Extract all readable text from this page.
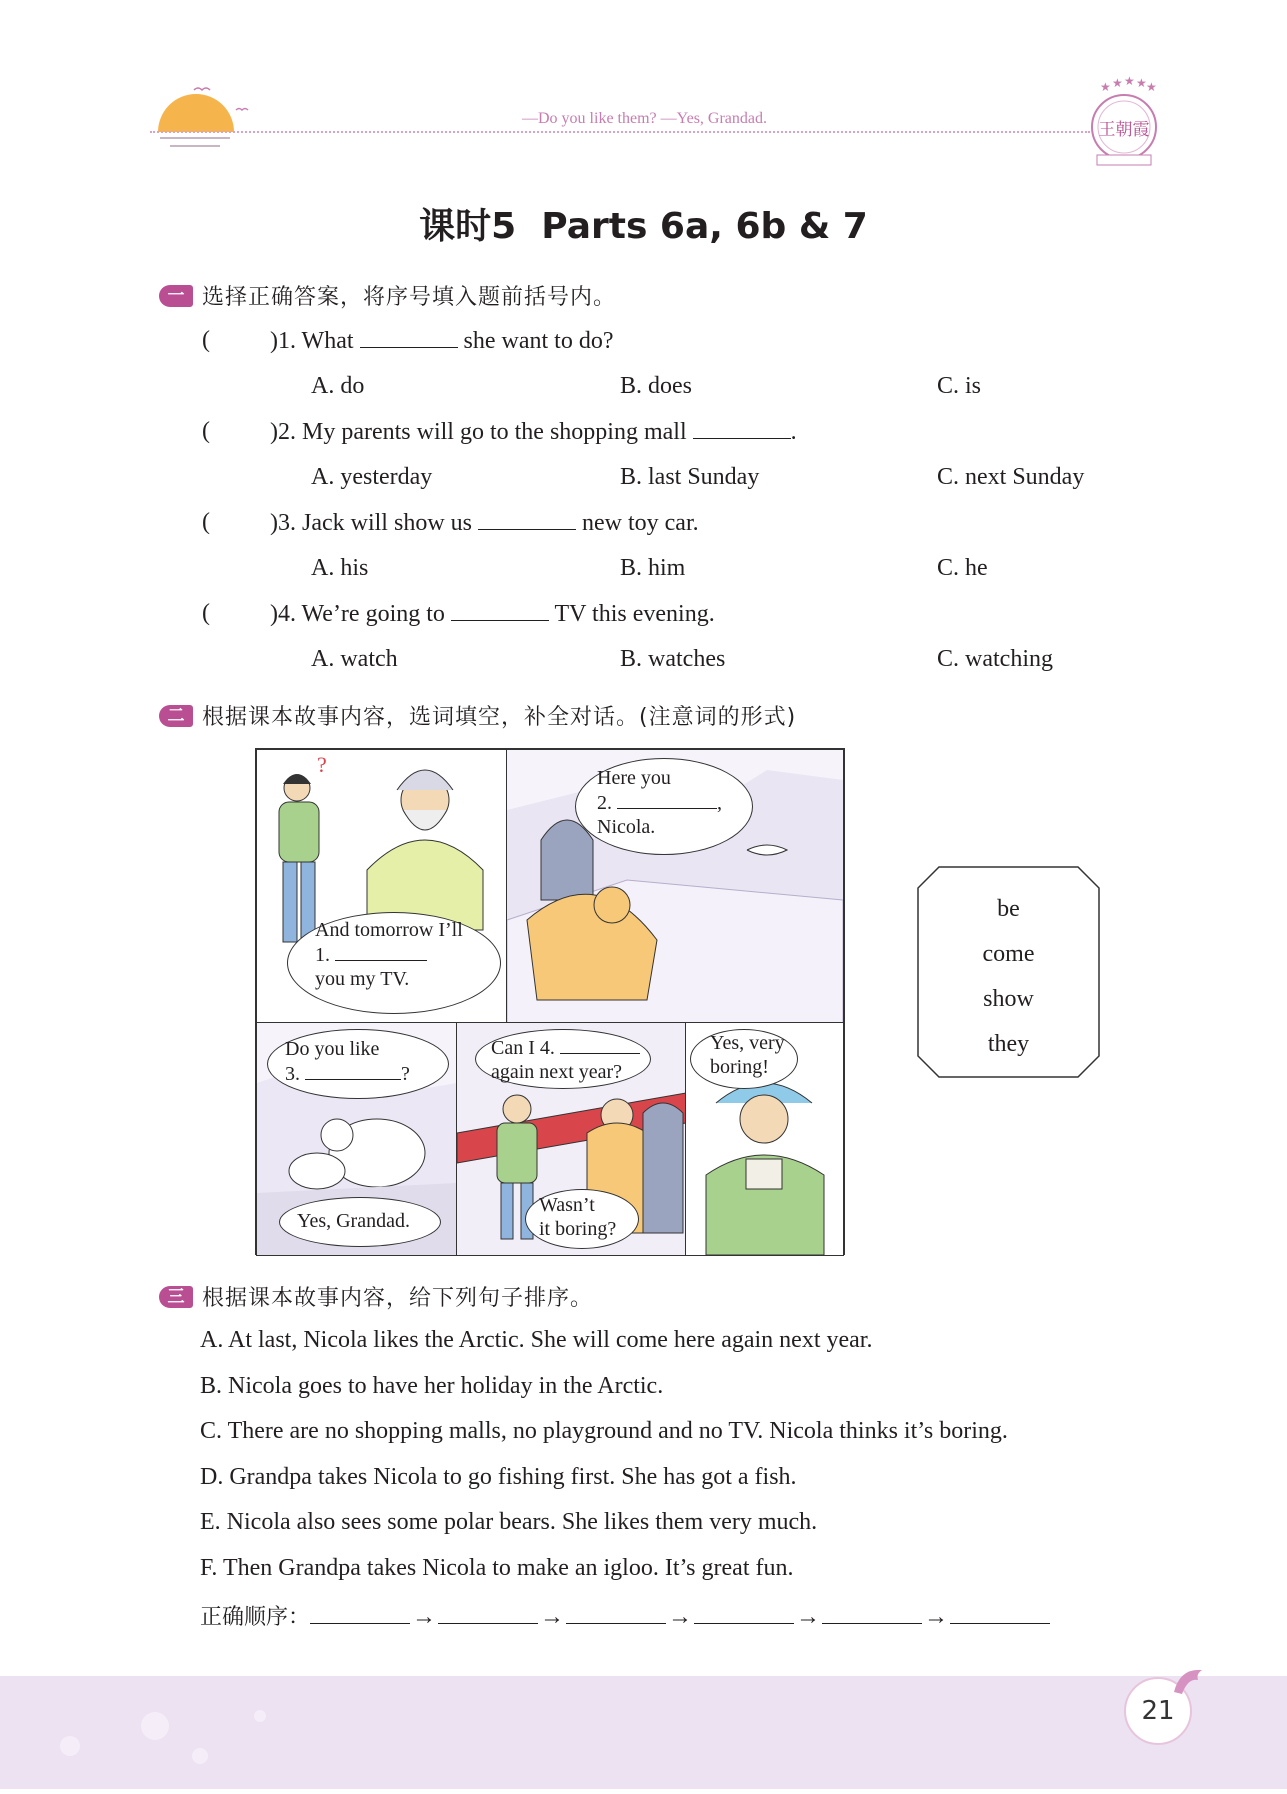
—Do you like them? —Yes, Grandad.
王朝霞
★ ★ ★ ★ ★
课时5  Parts 6a, 6b & 7
一 选择正确答案，将序号填入题前括号内。
(	)1. What	she want to do?
A. do	B. does	C. is
(	)2. My parents will go to the shopping mall	.
A. yesterday	B. last Sunday	C. next Sunday
(	)3. Jack will show us	new toy car.
A. his	B. him	C. he
(	)4. We’re going to	TV this evening.
A. watch	B. watches	C. watching
二 根据课本故事内容，选词填空，补全对话。(注意词的形式)
?
And tomorrow I’ll
1.
you my TV.
Here you
2.	,
Nicola.
Do you like
3.	?
Yes, Grandad.
Can I 4.
again next year?
Wasn’t
it boring?
Yes, very
boring!
be
come
show
they
三 根据课本故事内容，给下列句子排序。
A. At last, Nicola likes the Arctic. She will come here again next year.
B. Nicola goes to have her holiday in the Arctic.
C. There are no shopping malls, no playground and no TV. Nicola thinks it’s boring.
D. Grandpa takes Nicola to go fishing first. She has got a fish.
E. Nicola also sees some polar bears. She likes them very much.
F. Then Grandpa takes Nicola to make an igloo. It’s great fun.
正确顺序：	→	→	→	→	→
21
